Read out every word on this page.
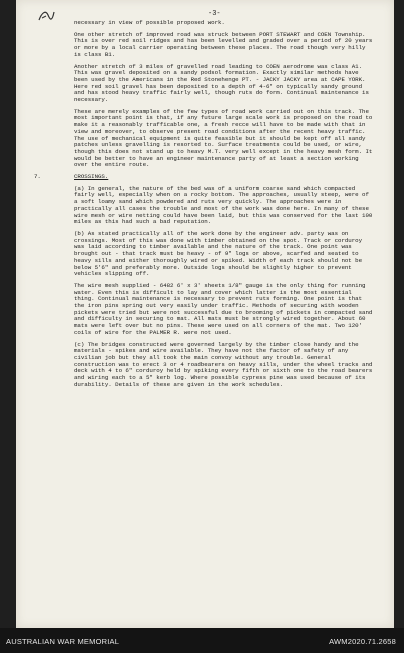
-3-

necessary in view of possible proposed work.

One other stretch of improved road was struck between PORT STEWART and COEN Township. This is over red soil ridges and has been levelled and graded over a period of 20 years or more by a local carrier operating between these places. The road though very hilly is class B1.

Another stretch of 3 miles of gravelled road leading to COEN aerodrome was class A1. This was gravel deposited on a sandy podsol formation. Exactly similar methods have been used by the Americans in the Red Stonehenge PT. - JACKY JACKY area at CAPE YORK. Here red soil gravel has been deposited to a depth of 4-6" on typically sandy ground and has stood heavy traffic fairly well, though ruts do form. Continual maintenance is necessary.

These are merely examples of the few types of road work carried out on this track. The most important point is that, if any future large scale work is proposed on the road to make it a reasonably trafficable one, a fresh recce will have to be made with that in view and moreover, to observe present road conditions after the recent heavy traffic. The use of mechanical equipment is quite feasible but it should be kept off all sandy patches unless gravelling is resorted to. Surface treatments could be used, or wire, though this does not stand up to heavy M.T. very well except in the heavy mesh form. It would be better to have an engineer maintenance party of at least a section working over the entire route.

7.	CROSSINGS.

(a) In general, the nature of the bed was of a uniform coarse sand which compacted fairly well, especially when on a rocky bottom. The approaches, usually steep, were of a soft loamy sand which powdered and ruts very quickly. The approaches were in practically all cases the trouble and most of the work was done here. In many of these wire mesh or wire netting could have been laid, but this was conserved for the last 100 miles as this had such a bad reputation.

(b) As stated practically all of the work done by the engineer adv. party was on crossings. Most of this was done with timber obtained on the spot. Track or corduroy was laid according to timber available and the nature of the track. One point was brought out - that track must be heavy - of 9" logs or above, scarfed and seated to heavy sills and either thoroughly wired or spiked. Width of each track should not be below 5'6" and preferably more. Outside logs should be slightly higher to prevent vehicles slipping off.

The wire mesh supplied - 6482 6' x 3' sheets 1/8" gauge is the only thing for running water. Even this is difficult to lay and cover which latter is the most essential thing. Continual maintenance is necessary to prevent ruts forming. One point is that the iron pins spring out very easily under traffic. Methods of securing with wooden pickets were tried but were not successful due to brooming of pickets in compacted sand and difficulty in securing to mat. All mats must be strongly wired together. About 60 mats were left over but no pins. These were used on all corners of the mat. Two 120' coils of wire for the PALMER R. were not used.

(c) The bridges constructed were governed largely by the timber close handy and the materials - spikes and wire available. They have not the factor of safety of any civilian job but they all took the main convoy without any trouble. General construction was to erect 3 or 4 roadbearers on heavy sills, under the wheel tracks and deck with 4 to 6" corduroy held by spiking every fifth or sixth one to the road bearers and wiring each to a 5" kerb log. Where possible cypress pine was used because of its durability. Details of these are given in the work schedules.

AUSTRALIAN WAR MEMORIAL	AWM2020.71.2658
